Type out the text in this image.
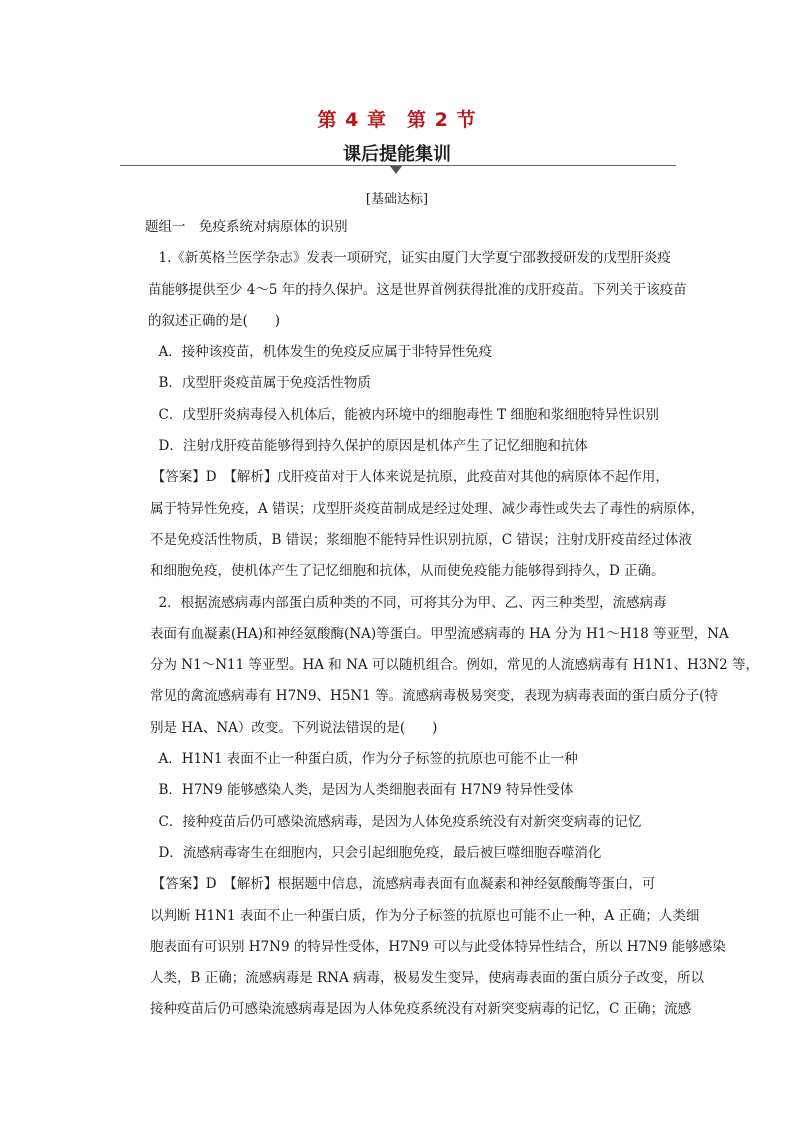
第 4 章　第 2 节
课后提能集训
[基础达标]
题组一　免疫系统对病原体的识别
　1.《新英格兰医学杂志》发表一项研究，证实由厦门大学夏宁邵教授研发的戊型肝炎疫
苗能够提供至少 4～5 年的持久保护。这是世界首例获得批准的戊肝疫苗。下列关于该疫苗
的叙述正确的是(　　)
　A．接种该疫苗，机体发生的免疫反应属于非特异性免疫
　B．戊型肝炎疫苗属于免疫活性物质
　C．戊型肝炎病毒侵入机体后，能被内环境中的细胞毒性 T 细胞和浆细胞特异性识别
　D．注射戊肝疫苗能够得到持久保护的原因是机体产生了记忆细胞和抗体
　【答案】D　【解析】戊肝疫苗对于人体来说是抗原，此疫苗对其他的病原体不起作用，
属于特异性免疫，A 错误；戊型肝炎疫苗制成是经过处理、减少毒性或失去了毒性的病原体，
不是免疫活性物质，B 错误；浆细胞不能特异性识别抗原，C 错误；注射戊肝疫苗经过体液
和细胞免疫，使机体产生了记忆细胞和抗体，从而使免疫能力能够得到持久，D 正确。
　2．根据流感病毒内部蛋白质种类的不同，可将其分为甲、乙、丙三种类型，流感病毒
表面有血凝素(HA)和神经氨酸酶(NA)等蛋白。甲型流感病毒的 HA 分为 H1～H18 等亚型，NA
分为 N1～N11 等亚型。HA 和 NA 可以随机组合。例如，常见的人流感病毒有 H1N1、H3N2 等，
常见的禽流感病毒有 H7N9、H5N1 等。流感病毒极易突变，表现为病毒表面的蛋白质分子(特
别是 HA、NA）改变。下列说法错误的是(　　)
　A．H1N1 表面不止一种蛋白质，作为分子标签的抗原也可能不止一种
　B．H7N9 能够感染人类，是因为人类细胞表面有 H7N9 特异性受体
　C．接种疫苗后仍可感染流感病毒，是因为人体免疫系统没有对新突变病毒的记忆
　D．流感病毒寄生在细胞内，只会引起细胞免疫，最后被巨噬细胞吞噬消化
　【答案】D　【解析】根据题中信息，流感病毒表面有血凝素和神经氨酸酶等蛋白，可
以判断 H1N1 表面不止一种蛋白质，作为分子标签的抗原也可能不止一种，A 正确；人类细
胞表面有可识别 H7N9 的特异性受体，H7N9 可以与此受体特异性结合，所以 H7N9 能够感染
人类，B 正确；流感病毒是 RNA 病毒，极易发生变异，使病毒表面的蛋白质分子改变，所以
接种疫苗后仍可感染流感病毒是因为人体免疫系统没有对新突变病毒的记忆，C 正确；流感
